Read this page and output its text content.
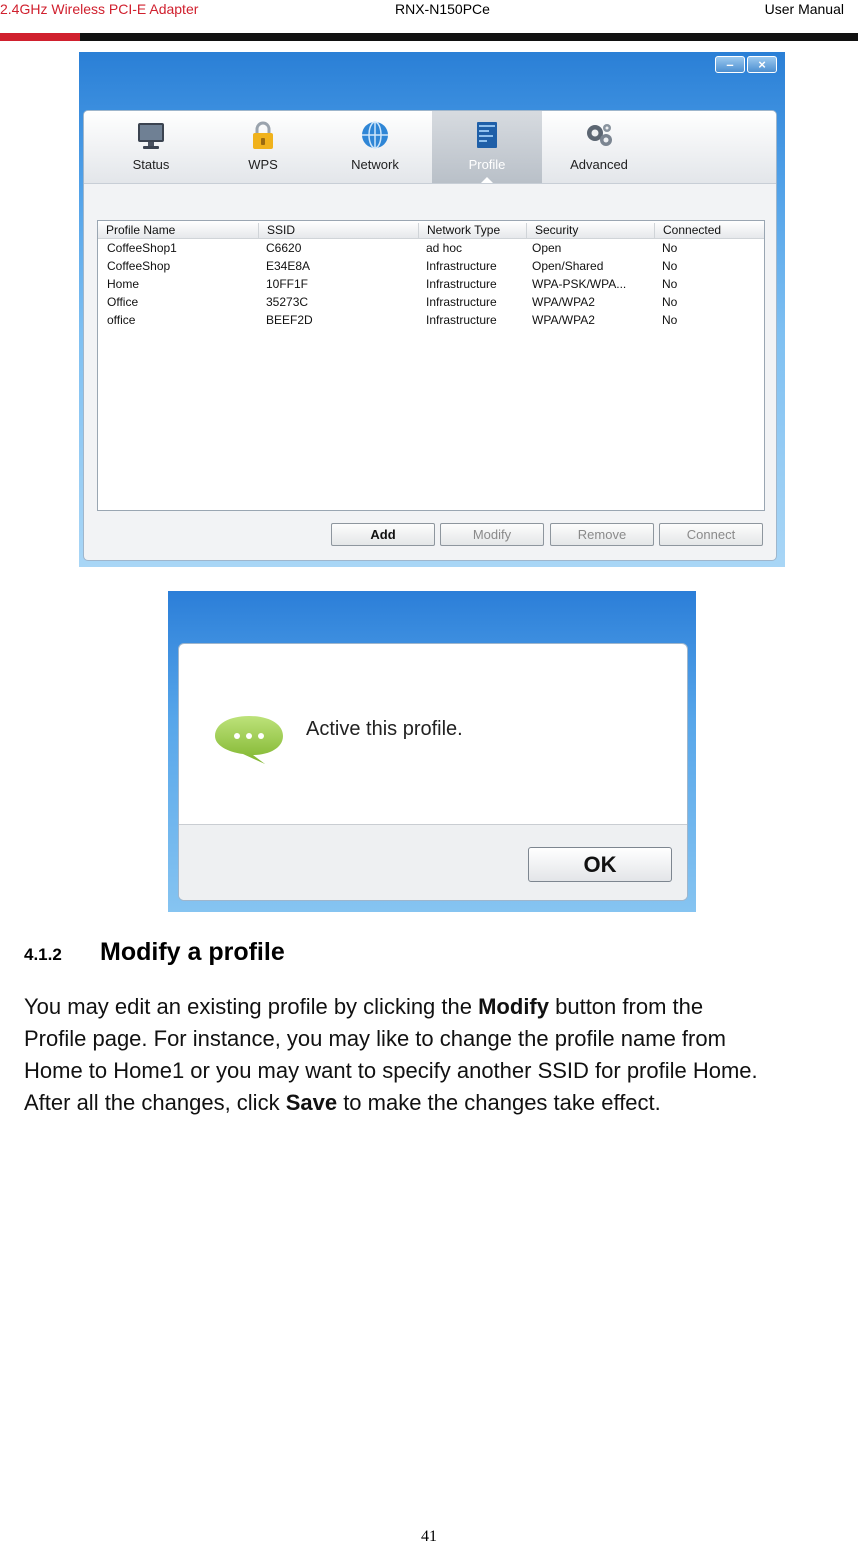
2.4GHz Wireless PCI-E Adapter	RNX-N150PCe	User Manual
–	×
Status	WPS	Network	Profile	Advanced
Profile Name	SSID	Network Type	Security	Connected
CoffeeShop1	C6620	ad hoc	Open	No
CoffeeShop	E34E8A	Infrastructure	Open/Shared	No
Home	10FF1F	Infrastructure	WPA-PSK/WPA...	No
Office	35273C	Infrastructure	WPA/WPA2	No
office	BEEF2D	Infrastructure	WPA/WPA2	No
Add	Modify	Remove	Connect
Active this profile.
OK
4.1.2 Modify a profile

You may edit an existing profile by clicking the Modify button from the

Profile page. For instance, you may like to change the profile name from

Home to Home1 or you may want to specify another SSID for profile Home.

After all the changes, click Save to make the changes take effect.

41
